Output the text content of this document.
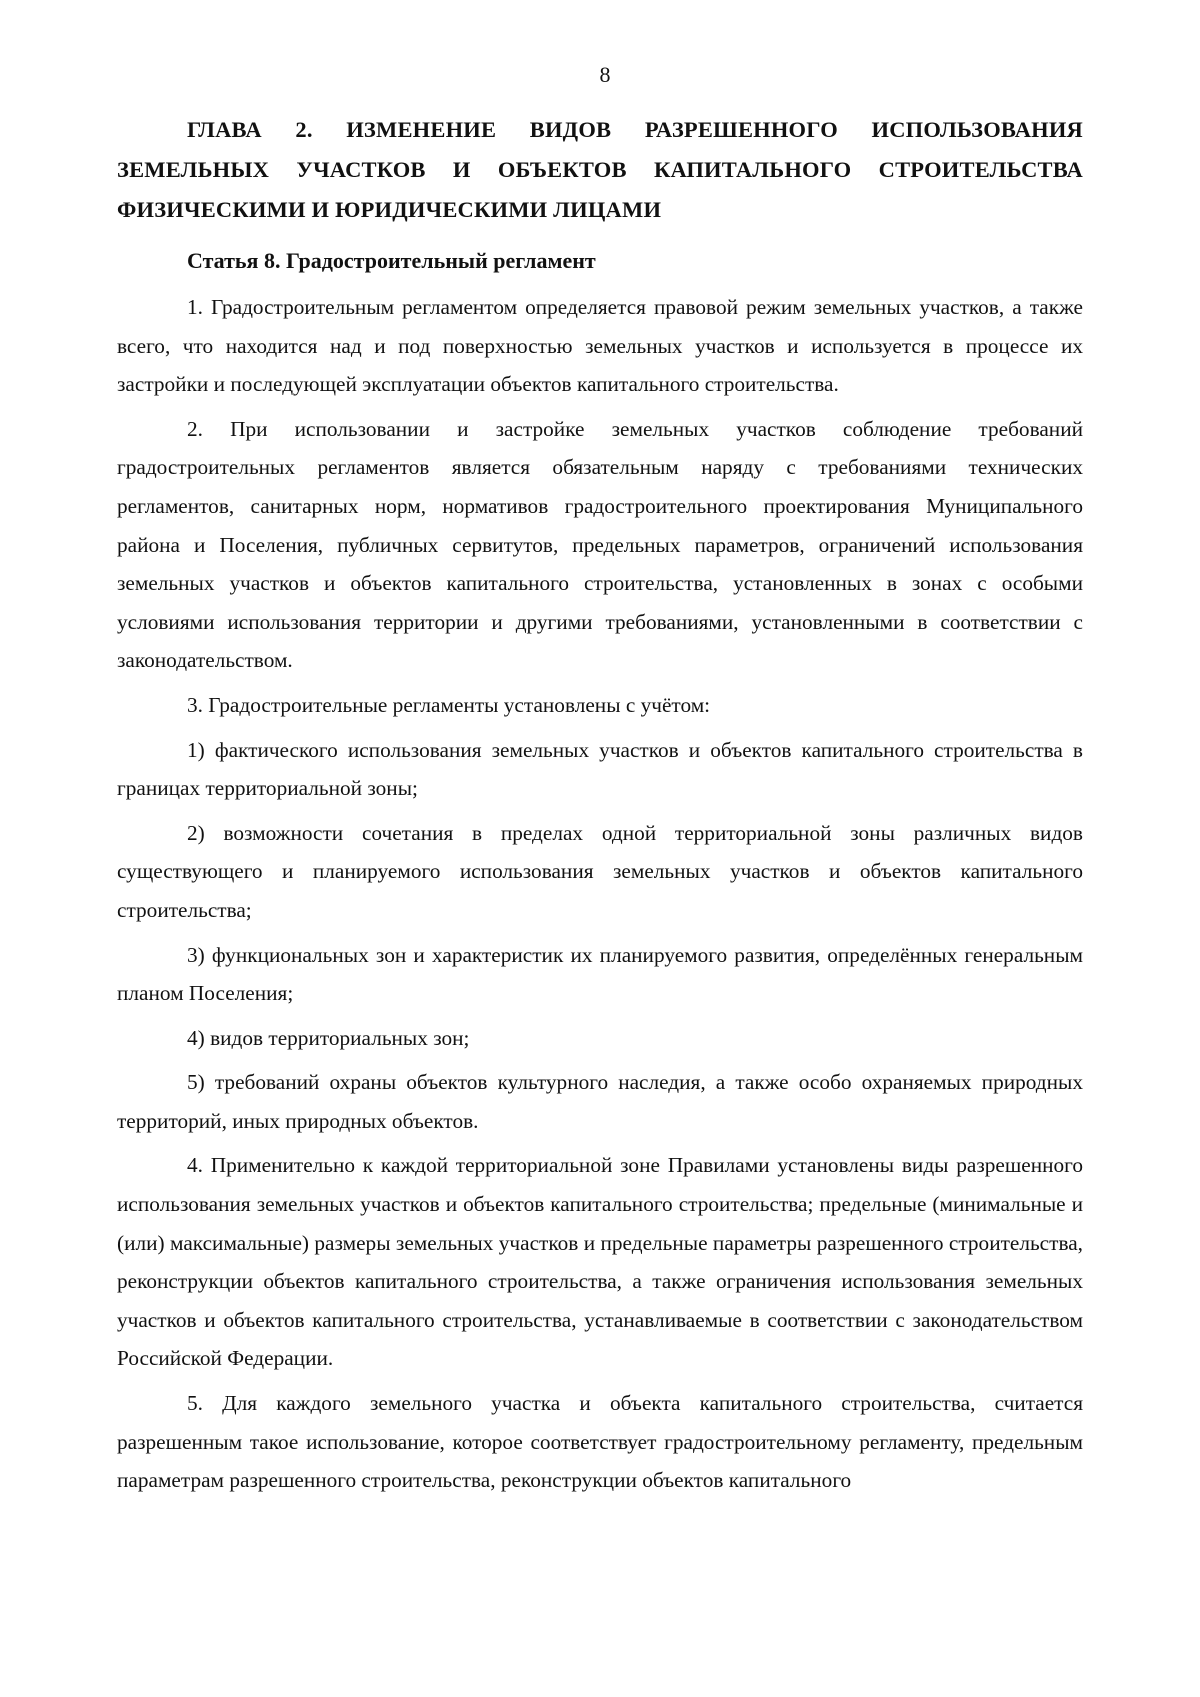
8
ГЛАВА 2. ИЗМЕНЕНИЕ ВИДОВ РАЗРЕШЕННОГО ИСПОЛЬЗОВАНИЯ ЗЕМЕЛЬНЫХ УЧАСТКОВ И ОБЪЕКТОВ КАПИТАЛЬНОГО СТРОИТЕЛЬСТВА ФИЗИЧЕСКИМИ И ЮРИДИЧЕСКИМИ ЛИЦАМИ
Статья 8. Градостроительный регламент

1. Градостроительным регламентом определяется правовой режим земельных участков, а также всего, что находится над и под поверхностью земельных участков и используется в процессе их застройки и последующей эксплуатации объектов капитального строительства.

2. При использовании и застройке земельных участков соблюдение требований градостроительных регламентов является обязательным наряду с требованиями технических регламентов, санитарных норм, нормативов градостроительного проектирования Муниципального района и Поселения, публичных сервитутов, предельных параметров, ограничений использования земельных участков и объектов капитального строительства, установленных в зонах с особыми условиями использования территории и другими требованиями, установленными в соответствии с законодательством.

3. Градостроительные регламенты установлены с учётом:

1) фактического использования земельных участков и объектов капитального строительства в границах территориальной зоны;

2) возможности сочетания в пределах одной территориальной зоны различных видов существующего и планируемого использования земельных участков и объектов капитального строительства;

3) функциональных зон и характеристик их планируемого развития, определённых генеральным планом Поселения;

4) видов территориальных зон;

5) требований охраны объектов культурного наследия, а также особо охраняемых природных территорий, иных природных объектов.

4. Применительно к каждой территориальной зоне Правилами установлены виды разрешенного использования земельных участков и объектов капитального строительства; предельные (минимальные и (или) максимальные) размеры земельных участков и предельные параметры разрешенного строительства, реконструкции объектов капитального строительства, а также ограничения использования земельных участков и объектов капитального строительства, устанавливаемые в соответствии с законодательством Российской Федерации.

5. Для каждого земельного участка и объекта капитального строительства, считается разрешенным такое использование, которое соответствует градостроительному регламенту, предельным параметрам разрешенного строительства, реконструкции объектов капитального
